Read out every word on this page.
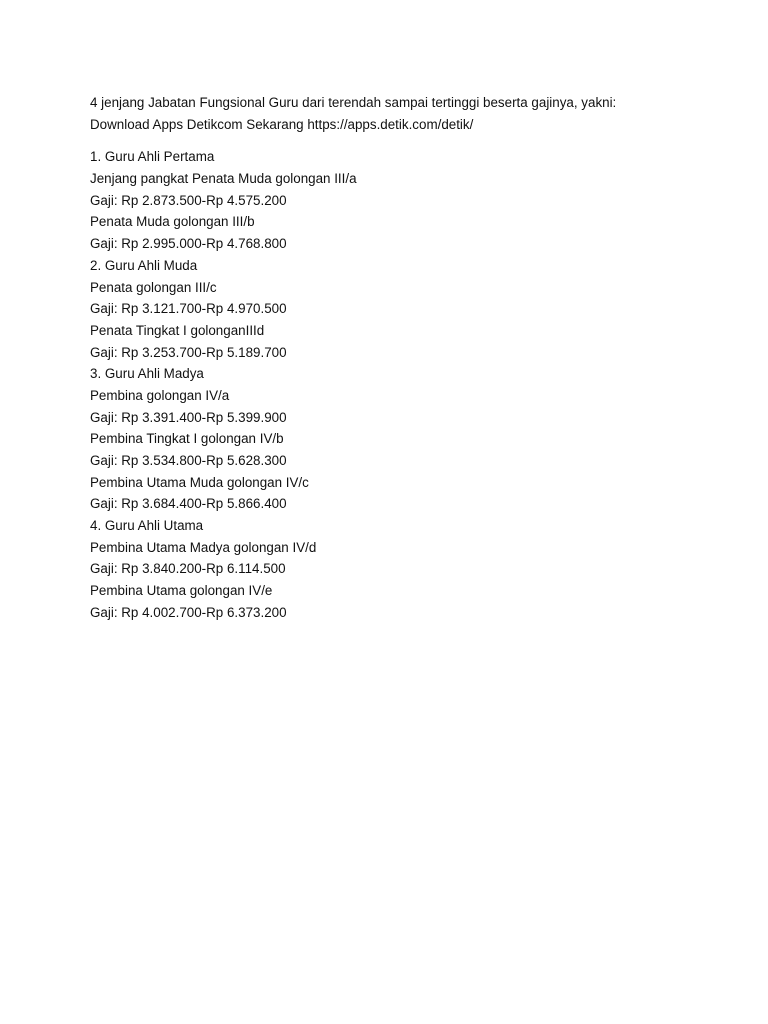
4 jenjang Jabatan Fungsional Guru dari terendah sampai tertinggi beserta gajinya, yakni:
Download Apps Detikcom Sekarang https://apps.detik.com/detik/
1. Guru Ahli Pertama
Jenjang pangkat Penata Muda golongan III/a
Gaji: Rp 2.873.500-Rp 4.575.200
Penata Muda golongan III/b
Gaji: Rp 2.995.000-Rp 4.768.800
2. Guru Ahli Muda
Penata golongan III/c
Gaji: Rp 3.121.700-Rp 4.970.500
Penata Tingkat I golonganIIId
Gaji: Rp 3.253.700-Rp 5.189.700
3. Guru Ahli Madya
Pembina golongan IV/a
Gaji: Rp 3.391.400-Rp 5.399.900
Pembina Tingkat I golongan IV/b
Gaji: Rp 3.534.800-Rp 5.628.300
Pembina Utama Muda golongan IV/c
Gaji: Rp 3.684.400-Rp 5.866.400
4. Guru Ahli Utama
Pembina Utama Madya golongan IV/d
Gaji: Rp 3.840.200-Rp 6.114.500
Pembina Utama golongan IV/e
Gaji: Rp 4.002.700-Rp 6.373.200
